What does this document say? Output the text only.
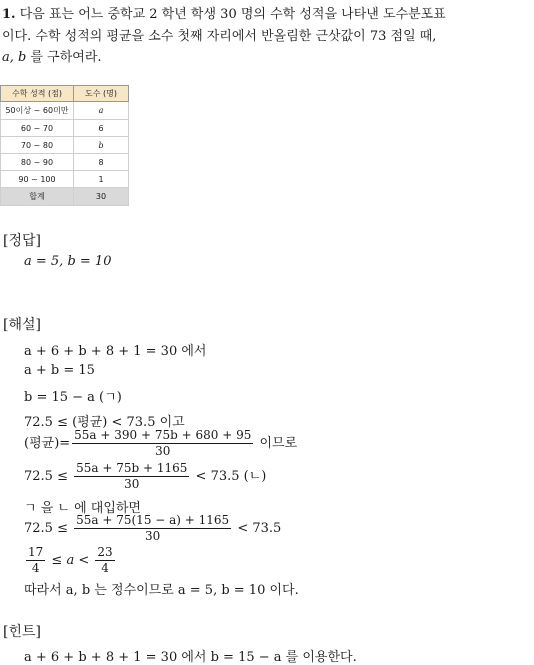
1. 다음 표는 어느 중학교 2 학년 학생 30 명의 수학 성적을 나타낸 도수분포표
이다. 수학 성적의 평균을 소수 첫째 자리에서 반올림한 근삿값이 73 점일 때,
a, b 를 구하여라.
수학 성적 (점)	도수 (명)
50이상 ~ 60미만	a
60 ~ 70	6
70 ~ 80	b
80 ~ 90	8
90 ~ 100	1
합계	30
[정답]
a = 5, b = 10
[해설]
a + 6 + b + 8 + 1 = 30 에서
a + b = 15
b = 15 − a (ㄱ)
72.5 ≤ (평균) < 73.5 이고
(평균)= $\frac{55a + 390 + 75b + 680 + 95}{30}$ 이므로
$72.5 \le \frac{55a + 75b + 1165}{30} < 73.5$ (ㄴ)
ㄱ 을 ㄴ 에 대입하면
$72.5 \le \frac{55a + 75(15 - a) + 1165}{30} < 73.5$
$\frac{17}{4} \le a < \frac{23}{4}$
따라서 a, b 는 정수이므로 a = 5, b = 10 이다.
[힌트]
a + 6 + b + 8 + 1 = 30 에서 b = 15 − a 를 이용한다.
